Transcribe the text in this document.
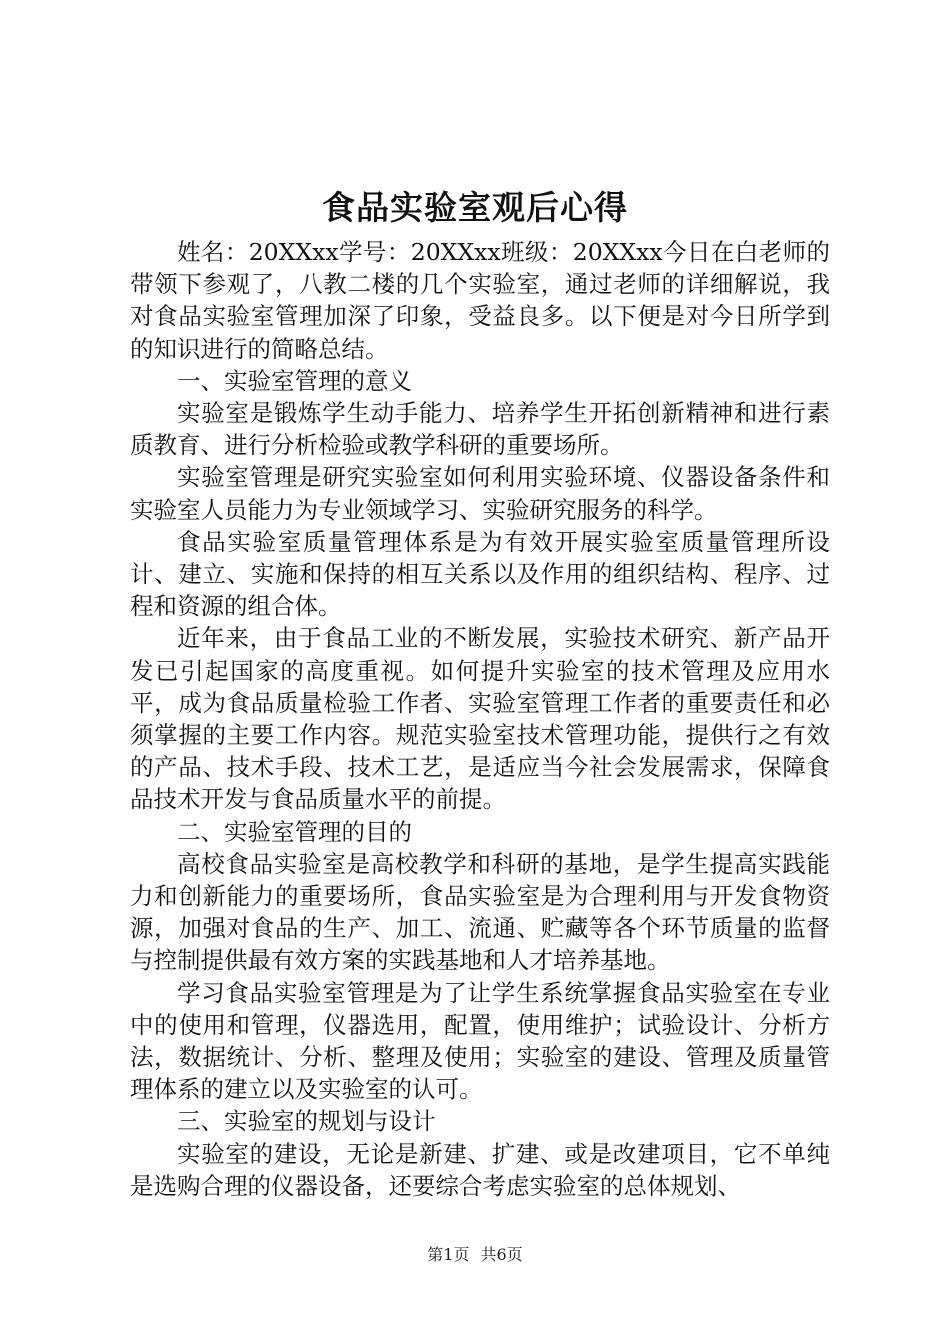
食品实验室观后心得

姓名：20XXxx学号：20XXxx班级：20XXxx今日在白老师的带领下参观了，八教二楼的几个实验室，通过老师的详细解说，我对食品实验室管理加深了印象，受益良多。以下便是对今日所学到的知识进行的简略总结。

一、实验室管理的意义

实验室是锻炼学生动手能力、培养学生开拓创新精神和进行素质教育、进行分析检验或教学科研的重要场所。

实验室管理是研究实验室如何利用实验环境、仪器设备条件和实验室人员能力为专业领域学习、实验研究服务的科学。

食品实验室质量管理体系是为有效开展实验室质量管理所设计、建立、实施和保持的相互关系以及作用的组织结构、程序、过程和资源的组合体。

近年来，由于食品工业的不断发展，实验技术研究、新产品开发已引起国家的高度重视。如何提升实验室的技术管理及应用水平，成为食品质量检验工作者、实验室管理工作者的重要责任和必须掌握的主要工作内容。规范实验室技术管理功能，提供行之有效的产品、技术手段、技术工艺，是适应当今社会发展需求，保障食品技术开发与食品质量水平的前提。

二、实验室管理的目的

高校食品实验室是高校教学和科研的基地，是学生提高实践能力和创新能力的重要场所，食品实验室是为合理利用与开发食物资源，加强对食品的生产、加工、流通、贮藏等各个环节质量的监督与控制提供最有效方案的实践基地和人才培养基地。

学习食品实验室管理是为了让学生系统掌握食品实验室在专业中的使用和管理，仪器选用，配置，使用维护；试验设计、分析方法，数据统计、分析、整理及使用；实验室的建设、管理及质量管理体系的建立以及实验室的认可。

三、实验室的规划与设计

实验室的建设，无论是新建、扩建、或是改建项目，它不单纯是选购合理的仪器设备，还要综合考虑实验室的总体规划、

第1页 共6页
